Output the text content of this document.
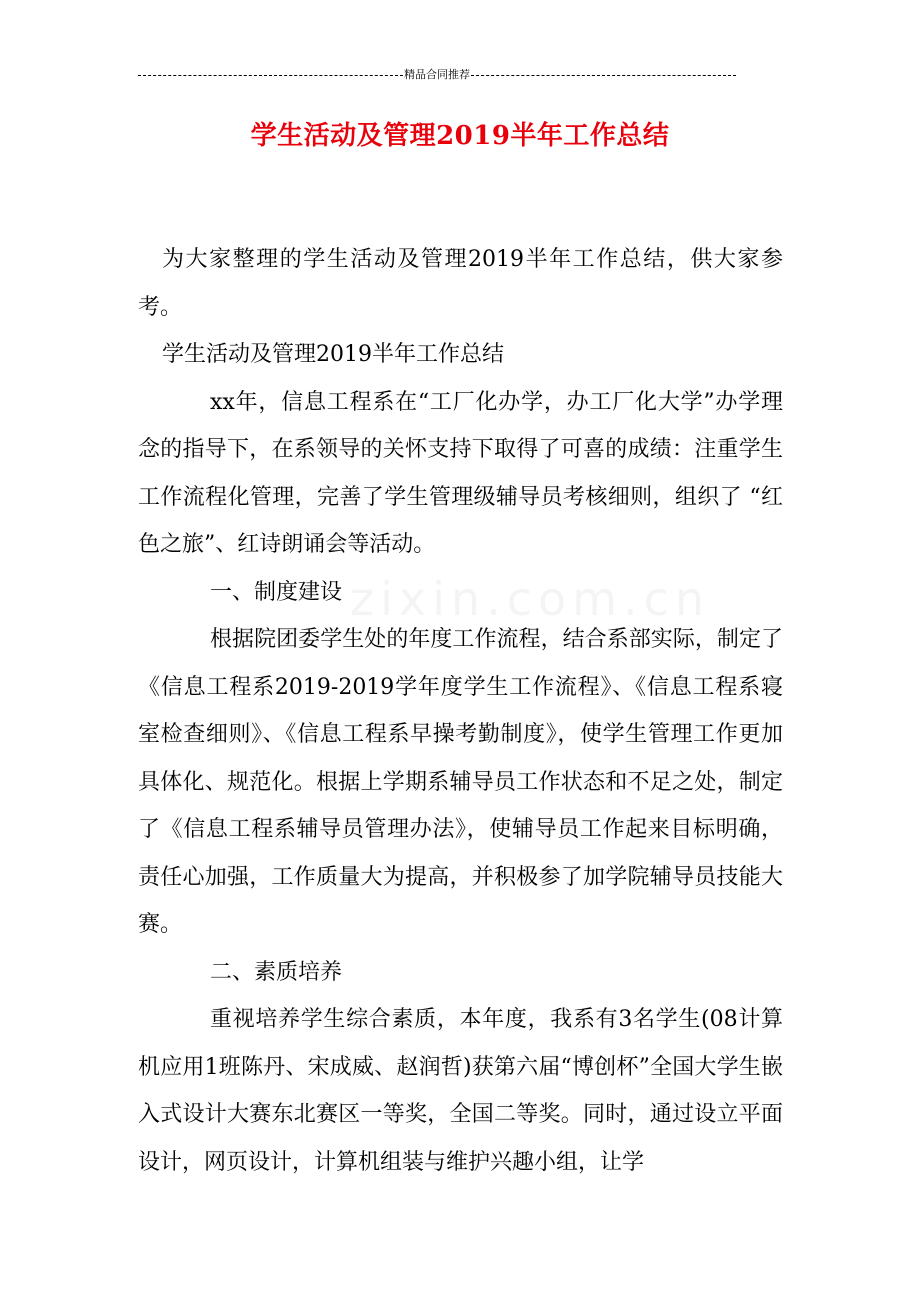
精品合同推荐
学生活动及管理2019半年工作总结

为大家整理的学生活动及管理2019半年工作总结，供大家参考。

学生活动及管理2019半年工作总结

xx年，信息工程系在“工厂化办学，办工厂化大学”办学理念的指导下，在系领导的关怀支持下取得了可喜的成绩：注重学生工作流程化管理，完善了学生管理级辅导员考核细则，组织了 “红色之旅”、红诗朗诵会等活动。

一、制度建设

根据院团委学生处的年度工作流程，结合系部实际，制定了《信息工程系2019-2019学年度学生工作流程》、《信息工程系寝室检查细则》、《信息工程系早操考勤制度》，使学生管理工作更加具体化、规范化。根据上学期系辅导员工作状态和不足之处，制定了《信息工程系辅导员管理办法》，使辅导员工作起来目标明确，责任心加强，工作质量大为提高，并积极参了加学院辅导员技能大赛。

二、素质培养

重视培养学生综合素质，本年度，我系有3名学生(08计算机应用1班陈丹、宋成威、赵润哲)获第六届“博创杯”全国大学生嵌入式设计大赛东北赛区一等奖，全国二等奖。同时，通过设立平面设计，网页设计，计算机组装与维护兴趣小组，让学
